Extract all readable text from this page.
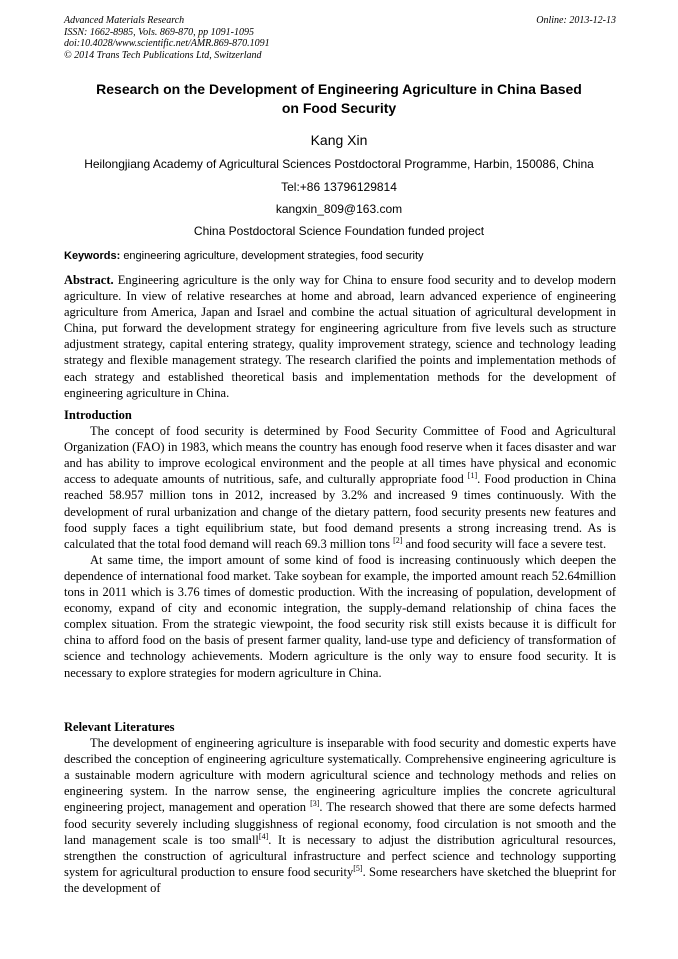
Advanced Materials Research
ISSN: 1662-8985, Vols. 869-870, pp 1091-1095
doi:10.4028/www.scientific.net/AMR.869-870.1091
© 2014 Trans Tech Publications Ltd, Switzerland
Online: 2013-12-13
Research on the Development of Engineering Agriculture in China Based
on Food Security
Kang Xin
Heilongjiang Academy of Agricultural Sciences Postdoctoral Programme, Harbin, 150086, China
Tel:+86 13796129814
kangxin_809@163.com
China Postdoctoral Science Foundation funded project
Keywords: engineering agriculture, development strategies, food security

Abstract. Engineering agriculture is the only way for China to ensure food security and to develop modern agriculture. In view of relative researches at home and abroad, learn advanced experience of engineering agriculture from America, Japan and Israel and combine the actual situation of agricultural development in China, put forward the development strategy for engineering agriculture from five levels such as structure adjustment strategy, capital entering strategy, quality improvement strategy, science and technology leading strategy and flexible management strategy. The research clarified the points and implementation methods of each strategy and established theoretical basis and implementation methods for the development of engineering agriculture in China.

Introduction

The concept of food security is determined by Food Security Committee of Food and Agricultural Organization (FAO) in 1983, which means the country has enough food reserve when it faces disaster and war and has ability to improve ecological environment and the people at all times have physical and economic access to adequate amounts of nutritious, safe, and culturally appropriate food [1]. Food production in China reached 58.957 million tons in 2012, increased by 3.2% and increased 9 times continuously. With the development of rural urbanization and change of the dietary pattern, food security presents new features and food supply faces a tight equilibrium state, but food demand presents a strong increasing trend. As is calculated that the total food demand will reach 69.3 million tons [2] and food security will face a severe test.

At same time, the import amount of some kind of food is increasing continuously which deepen the dependence of international food market. Take soybean for example, the imported amount reach 52.64million tons in 2011 which is 3.76 times of domestic production. With the increasing of population, development of economy, expand of city and economic integration, the supply-demand relationship of china faces the complex situation. From the strategic viewpoint, the food security risk still exists because it is difficult for china to afford food on the basis of present farmer quality, land-use type and deficiency of transformation of science and technology achievements. Modern agriculture is the only way to ensure food security. It is necessary to explore strategies for modern agriculture in China.

Relevant Literatures

The development of engineering agriculture is inseparable with food security and domestic experts have described the conception of engineering agriculture systematically. Comprehensive engineering agriculture is a sustainable modern agriculture with modern agricultural science and technology methods and relies on engineering system. In the narrow sense, the engineering agriculture implies the concrete agricultural engineering project, management and operation [3]. The research showed that there are some defects harmed food security severely including sluggishness of regional economy, food circulation is not smooth and the land management scale is too small[4]. It is necessary to adjust the distribution agricultural resources, strengthen the construction of agricultural infrastructure and perfect science and technology supporting system for agricultural production to ensure food security[5]. Some researchers have sketched the blueprint for the development of
